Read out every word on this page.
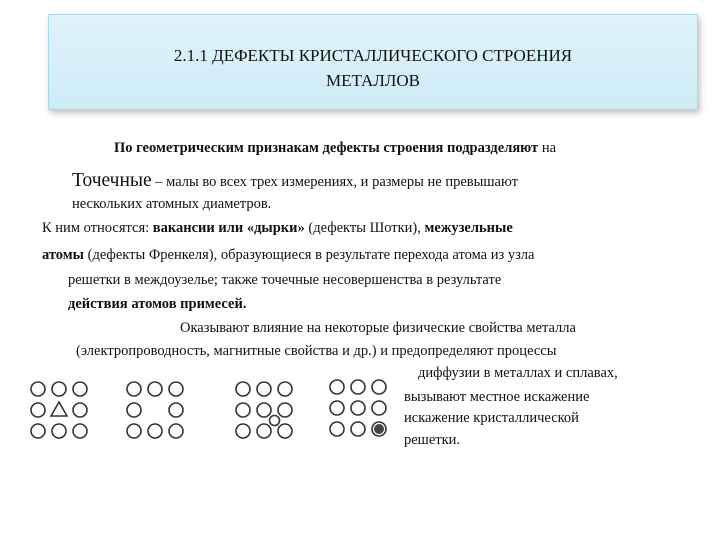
2.1.1 ДЕФЕКТЫ КРИСТАЛЛИЧЕСКОГО СТРОЕНИЯ
МЕТАЛЛОВ
По геометрическим признакам дефекты строения подразделяют на
Точечные – малы во всех трех измерениях, и размеры не превышают
нескольких атомных диаметров.
К ним относятся: вакансии или «дырки» (дефекты Шотки), межузельные
атомы (дефекты Френкеля), образующиеся в результате перехода атома из узла
решетки в междоузелье; также точечные несовершенства в результате
действия атомов примесей.
Оказывают влияние на некоторые физические свойства металла
(электропроводность, магнитные свойства и др.) и предопределяют процессы
диффузии в металлах и сплавах,
вызывают местное искажение
искажение кристаллической
решетки.
